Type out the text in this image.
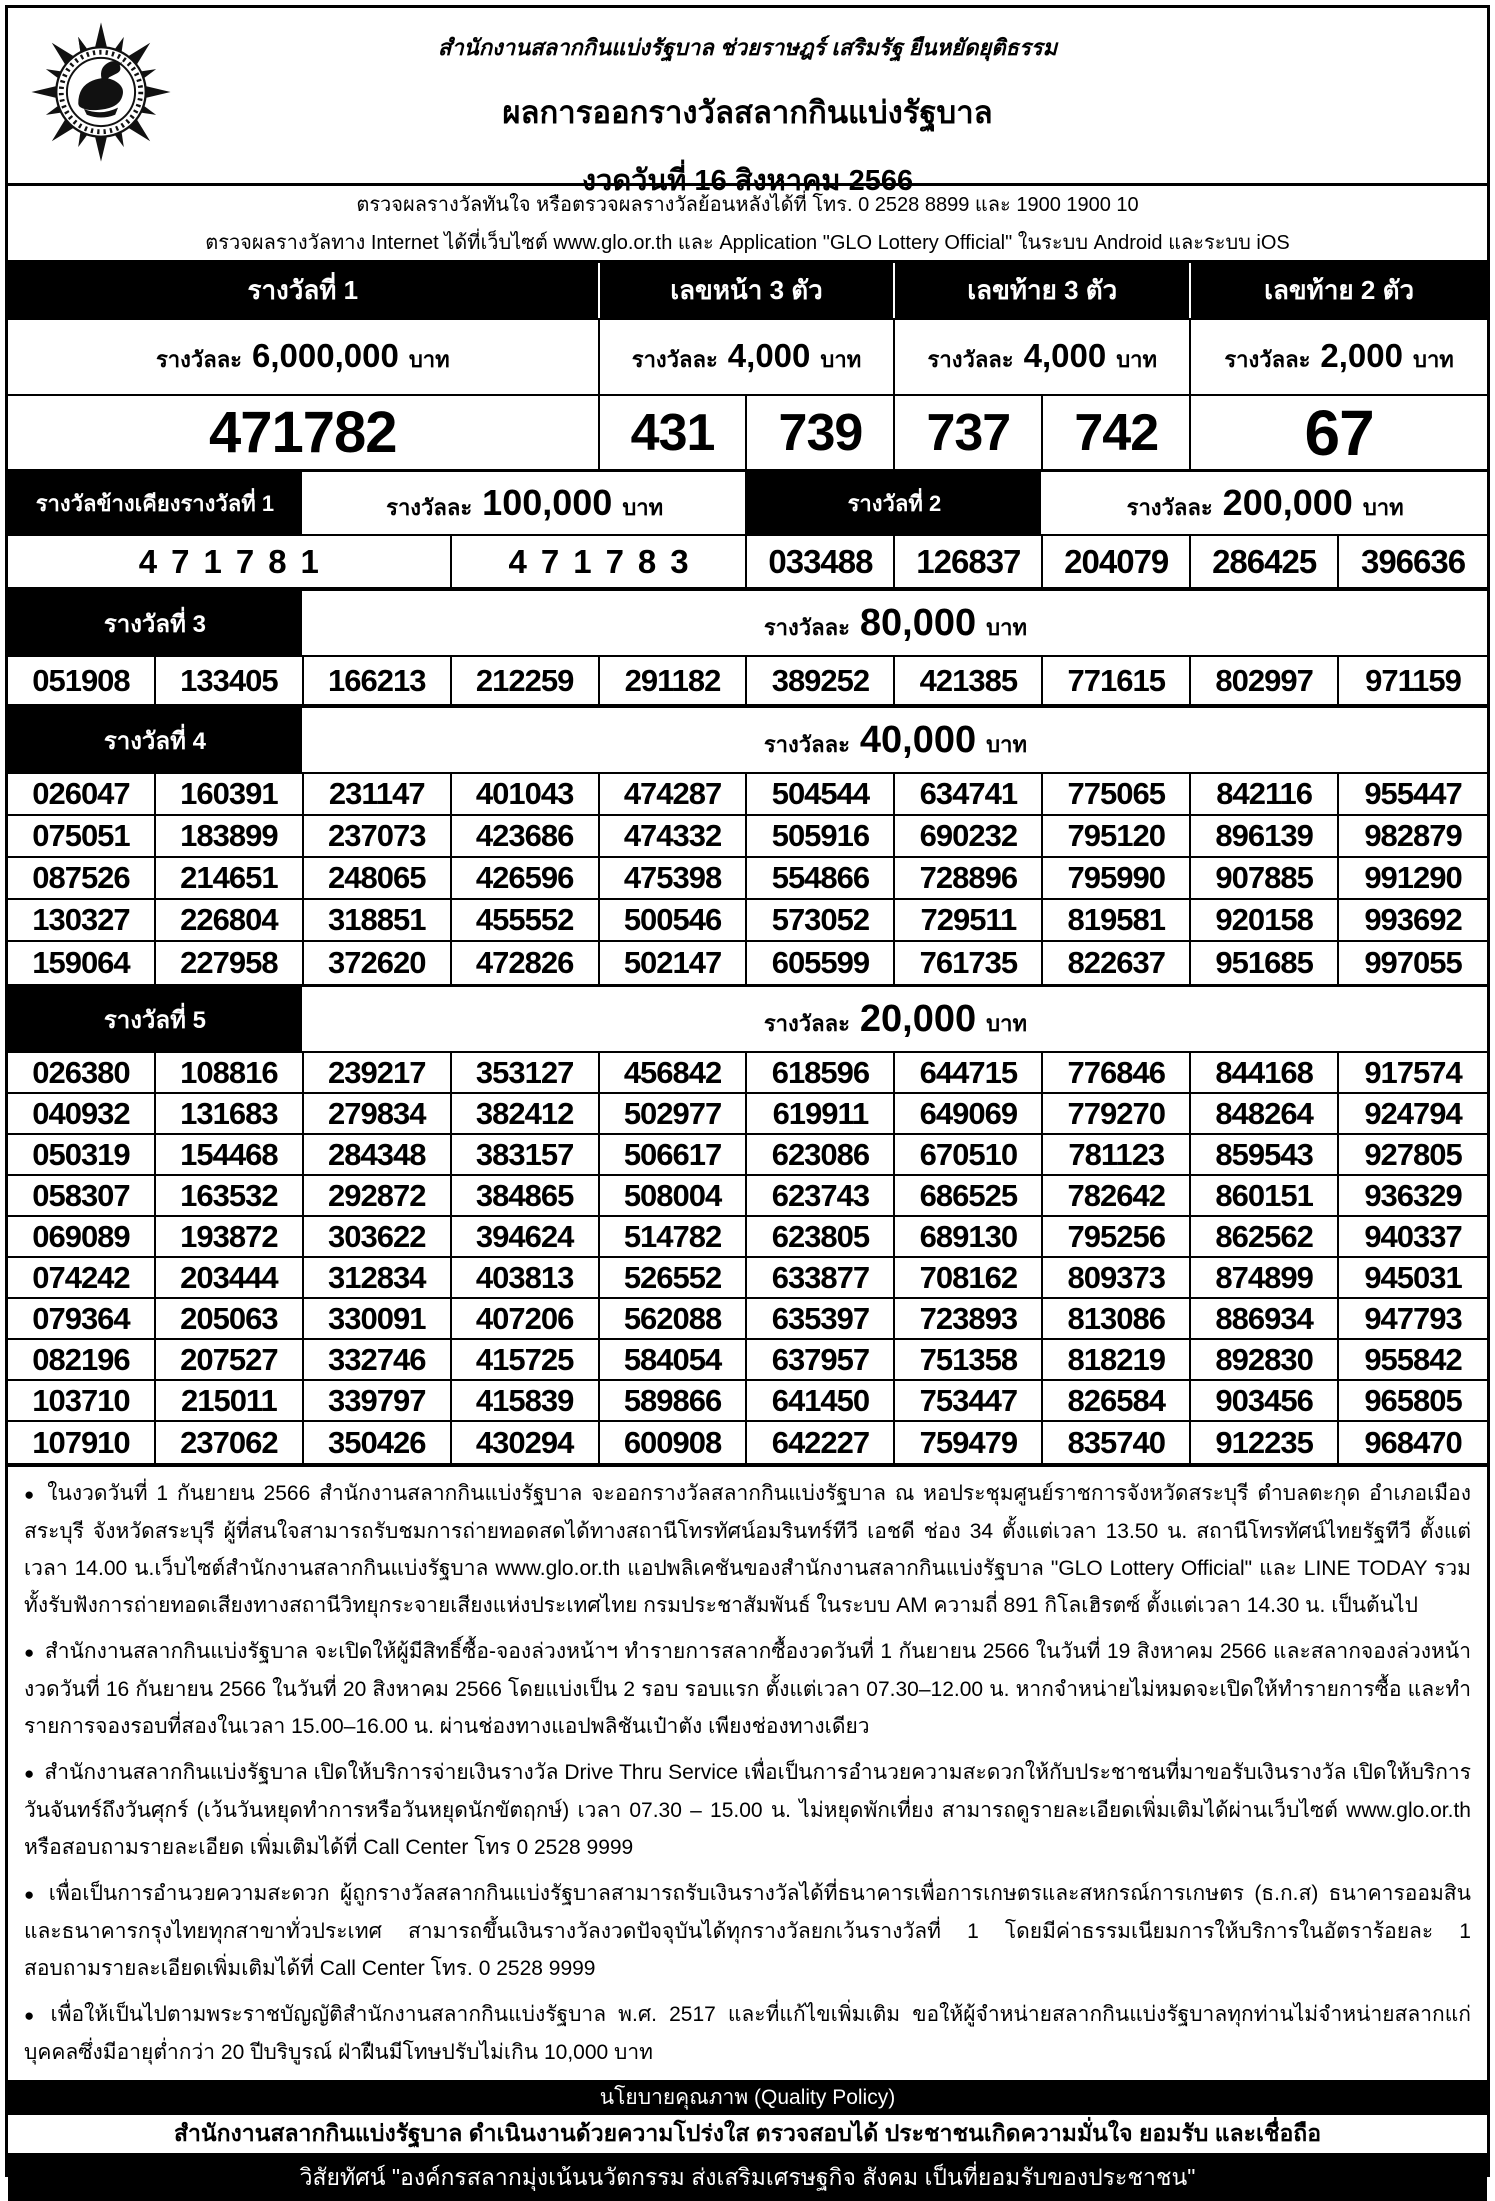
สำนักงานสลากกินแบ่งรัฐบาล ช่วยราษฎร์ เสริมรัฐ ยืนหยัดยุติธรรม
ผลการออกรางวัลสลากกินแบ่งรัฐบาล
งวดวันที่ 16 สิงหาคม 2566
ตรวจผลรางวัลทันใจ หรือตรวจผลรางวัลย้อนหลังได้ที่ โทร. 0 2528 8899 และ 1900 1900 10
ตรวจผลรางวัลทาง Internet ได้ที่เว็บไซต์ www.glo.or.th และ Application "GLO Lottery Official" ในระบบ Android และระบบ iOS
รางวัลที่ 1	เลขหน้า 3 ตัว	เลขท้าย 3 ตัว	เลขท้าย 2 ตัว
รางวัลละ 6,000,000 บาท	รางวัลละ 4,000 บาท	รางวัลละ 4,000 บาท	รางวัลละ 2,000 บาท
471782	431	739	737	742	67
รางวัลข้างเคียงรางวัลที่ 1	รางวัลละ 100,000 บาท	รางวัลที่ 2	รางวัลละ 200,000 บาท
471781	471783	033488	126837	204079	286425	396636
รางวัลที่ 3	รางวัลละ 80,000 บาท
051908	133405	166213	212259	291182	389252	421385	771615	802997	971159
รางวัลที่ 4	รางวัลละ 40,000 บาท
026047	160391	231147	401043	474287	504544	634741	775065	842116	955447
075051	183899	237073	423686	474332	505916	690232	795120	896139	982879
087526	214651	248065	426596	475398	554866	728896	795990	907885	991290
130327	226804	318851	455552	500546	573052	729511	819581	920158	993692
159064	227958	372620	472826	502147	605599	761735	822637	951685	997055
รางวัลที่ 5	รางวัลละ 20,000 บาท
026380	108816	239217	353127	456842	618596	644715	776846	844168	917574
040932	131683	279834	382412	502977	619911	649069	779270	848264	924794
050319	154468	284348	383157	506617	623086	670510	781123	859543	927805
058307	163532	292872	384865	508004	623743	686525	782642	860151	936329
069089	193872	303622	394624	514782	623805	689130	795256	862562	940337
074242	203444	312834	403813	526552	633877	708162	809373	874899	945031
079364	205063	330091	407206	562088	635397	723893	813086	886934	947793
082196	207527	332746	415725	584054	637957	751358	818219	892830	955842
103710	215011	339797	415839	589866	641450	753447	826584	903456	965805
107910	237062	350426	430294	600908	642227	759479	835740	912235	968470
● ในงวดวันที่ 1 กันยายน 2566 สำนักงานสลากกินแบ่งรัฐบาล จะออกรางวัลสลากกินแบ่งรัฐบาล ณ หอประชุมศูนย์ราชการจังหวัดสระบุรี ตำบลตะกุด อำเภอเมืองสระบุรี จังหวัดสระบุรี ผู้ที่สนใจสามารถรับชมการถ่ายทอดสดได้ทางสถานีโทรทัศน์อมรินทร์ทีวี เอชดี ช่อง 34 ตั้งแต่เวลา 13.50 น. สถานีโทรทัศน์ไทยรัฐทีวี ตั้งแต่เวลา 14.00 น.เว็บไซต์สำนักงานสลากกินแบ่งรัฐบาล www.glo.or.th แอปพลิเคชันของสำนักงานสลากกินแบ่งรัฐบาล "GLO Lottery Official" และ LINE TODAY รวมทั้งรับฟังการถ่ายทอดเสียงทางสถานีวิทยุกระจายเสียงแห่งประเทศไทย กรมประชาสัมพันธ์ ในระบบ AM ความถี่ 891 กิโลเฮิรตซ์ ตั้งแต่เวลา 14.30 น. เป็นต้นไป
● สำนักงานสลากกินแบ่งรัฐบาล จะเปิดให้ผู้มีสิทธิ์ซื้อ-จองล่วงหน้าฯ ทำรายการสลากซื้องวดวันที่ 1 กันยายน 2566 ในวันที่ 19 สิงหาคม 2566 และสลากจองล่วงหน้างวดวันที่ 16 กันยายน 2566 ในวันที่ 20 สิงหาคม 2566 โดยแบ่งเป็น 2 รอบ รอบแรก ตั้งแต่เวลา 07.30–12.00 น. หากจำหน่ายไม่หมดจะเปิดให้ทำรายการซื้อ และทำรายการจองรอบที่สองในเวลา 15.00–16.00 น. ผ่านช่องทางแอปพลิชันเป๋าตัง เพียงช่องทางเดียว
● สำนักงานสลากกินแบ่งรัฐบาล เปิดให้บริการจ่ายเงินรางวัล Drive Thru Service เพื่อเป็นการอำนวยความสะดวกให้กับประชาชนที่มาขอรับเงินรางวัล เปิดให้บริการวันจันทร์ถึงวันศุกร์ (เว้นวันหยุดทำการหรือวันหยุดนักขัตฤกษ์) เวลา 07.30 – 15.00 น. ไม่หยุดพักเที่ยง สามารถดูรายละเอียดเพิ่มเติมได้ผ่านเว็บไซต์ www.glo.or.th หรือสอบถามรายละเอียด เพิ่มเติมได้ที่ Call Center โทร 0 2528 9999
● เพื่อเป็นการอำนวยความสะดวก ผู้ถูกรางวัลสลากกินแบ่งรัฐบาลสามารถรับเงินรางวัลได้ที่ธนาคารเพื่อการเกษตรและสหกรณ์การเกษตร (ธ.ก.ส) ธนาคารออมสิน และธนาคารกรุงไทยทุกสาขาทั่วประเทศ สามารถขึ้นเงินรางวัลงวดปัจจุบันได้ทุกรางวัลยกเว้นรางวัลที่ 1 โดยมีค่าธรรมเนียมการให้บริการในอัตราร้อยละ 1 สอบถามรายละเอียดเพิ่มเติมได้ที่ Call Center โทร. 0 2528 9999
● เพื่อให้เป็นไปตามพระราชบัญญัติสำนักงานสลากกินแบ่งรัฐบาล พ.ศ. 2517 และที่แก้ไขเพิ่มเติม ขอให้ผู้จำหน่ายสลากกินแบ่งรัฐบาลทุกท่านไม่จำหน่ายสลากแก่บุคคลซึ่งมีอายุต่ำกว่า 20 ปีบริบูรณ์ ฝ่าฝืนมีโทษปรับไม่เกิน 10,000 บาท
นโยบายคุณภาพ (Quality Policy)
สำนักงานสลากกินแบ่งรัฐบาล ดำเนินงานด้วยความโปร่งใส ตรวจสอบได้ ประชาชนเกิดความมั่นใจ ยอมรับ และเชื่อถือ
วิสัยทัศน์ "องค์กรสลากมุ่งเน้นนวัตกรรม ส่งเสริมเศรษฐกิจ สังคม เป็นที่ยอมรับของประชาชน"
